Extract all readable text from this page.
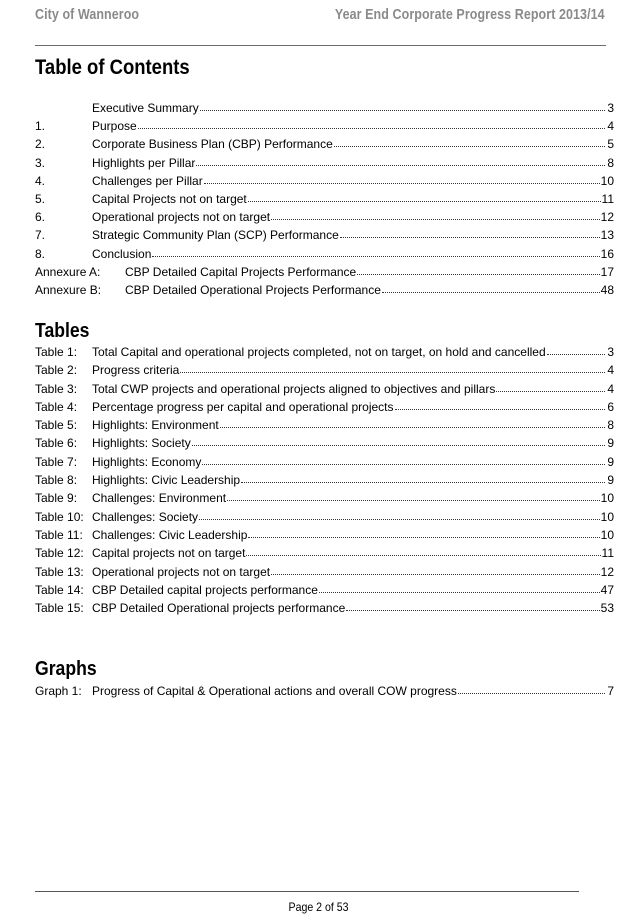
City of Wanneroo	Year End Corporate Progress Report 2013/14
Table of Contents
Executive Summary	3
1.	Purpose	4
2.	Corporate Business Plan (CBP) Performance	5
3.	Highlights per Pillar	8
4.	Challenges per Pillar	10
5.	Capital Projects not on target	11
6.	Operational projects not on target	12
7.	Strategic Community Plan (SCP) Performance	13
8.	Conclusion	16
Annexure A:	CBP Detailed Capital Projects Performance	17
Annexure B:	CBP Detailed Operational Projects Performance	48
Tables
Table 1:	Total Capital and operational projects completed, not on target, on hold and cancelled	3
Table 2:	Progress criteria	4
Table 3:	Total CWP projects and operational projects aligned to objectives and pillars	4
Table 4:	Percentage progress per capital and operational projects	6
Table 5:	Highlights: Environment	8
Table 6:	Highlights: Society	9
Table 7:	Highlights: Economy	9
Table 8:	Highlights: Civic Leadership	9
Table 9:	Challenges: Environment	10
Table 10: Challenges: Society	10
Table 11: Challenges: Civic Leadership	10
Table 12: Capital projects not on target	11
Table 13: Operational projects not on target	12
Table 14: CBP Detailed capital projects performance	47
Table 15: CBP Detailed Operational projects performance	53
Graphs
Graph 1: Progress of Capital & Operational actions and overall COW progress	7
Page 2 of 53
